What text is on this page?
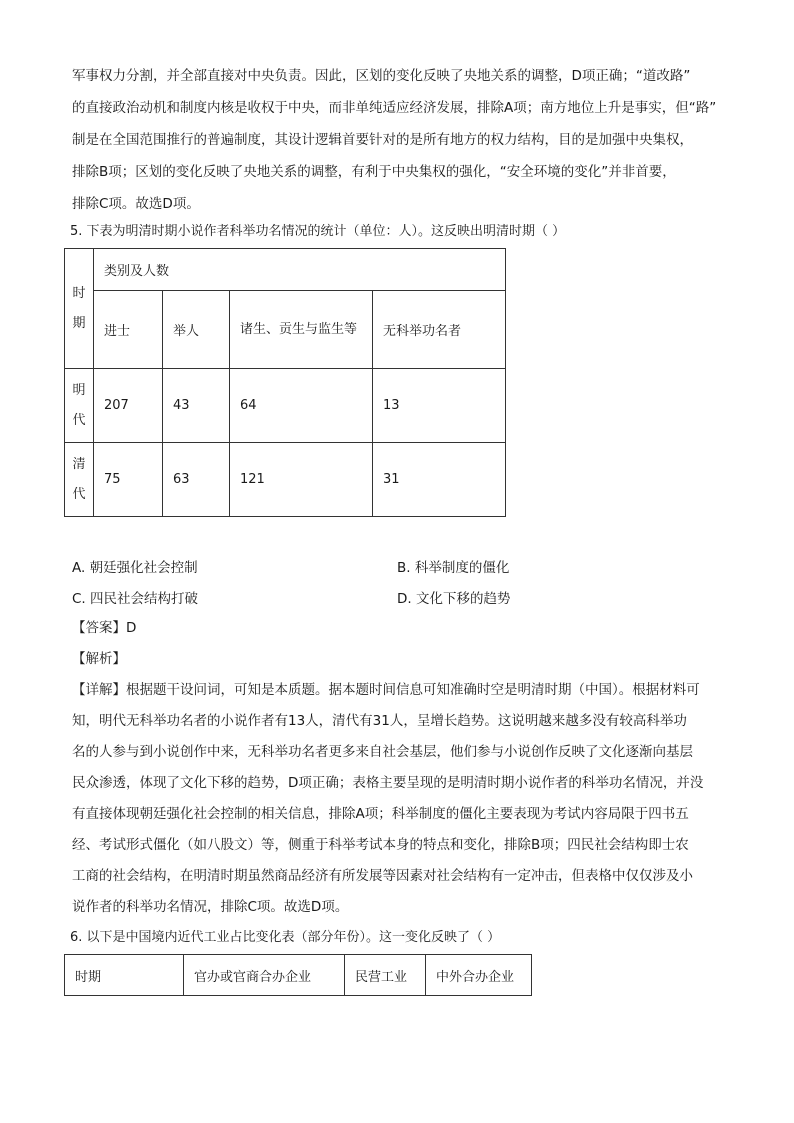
军事权力分割，并全部直接对中央负责。因此，区划的变化反映了央地关系的调整，D项正确；“道改路”
的直接政治动机和制度内核是收权于中央，而非单纯适应经济发展，排除A项；南方地位上升是事实，但“路”
制是在全国范围推行的普遍制度，其设计逻辑首要针对的是所有地方的权力结构，目的是加强中央集权，
排除B项；区划的变化反映了央地关系的调整，有利于中央集权的强化，“安全环境的变化”并非首要，
排除C项。故选D项。
5. 下表为明清时期小说作者科举功名情况的统计（单位：人）。这反映出明清时期（ ）
时
期	类别及人数			
	进士	举人	诸生、贡生与监生等	无科举功名者

明
代	207	43	64	13

清
代	75	63	121	31
A. 朝廷强化社会控制	B. 科举制度的僵化
C. 四民社会结构打破	D. 文化下移的趋势
【答案】D
【解析】
【详解】根据题干设问词，可知是本质题。据本题时间信息可知准确时空是明清时期（中国）。根据材料可
知，明代无科举功名者的小说作者有13人，清代有31人，呈增长趋势。这说明越来越多没有较高科举功
名的人参与到小说创作中来，无科举功名者更多来自社会基层，他们参与小说创作反映了文化逐渐向基层
民众渗透，体现了文化下移的趋势，D项正确；表格主要呈现的是明清时期小说作者的科举功名情况，并没
有直接体现朝廷强化社会控制的相关信息，排除A项；科举制度的僵化主要表现为考试内容局限于四书五
经、考试形式僵化（如八股文）等，侧重于科举考试本身的特点和变化，排除B项；四民社会结构即士农
工商的社会结构，在明清时期虽然商品经济有所发展等因素对社会结构有一定冲击，但表格中仅仅涉及小
说作者的科举功名情况，排除C项。故选D项。
6. 以下是中国境内近代工业占比变化表（部分年份）。这一变化反映了（ ）
时期	官办或官商合办企业	民营工业	中外合办企业
